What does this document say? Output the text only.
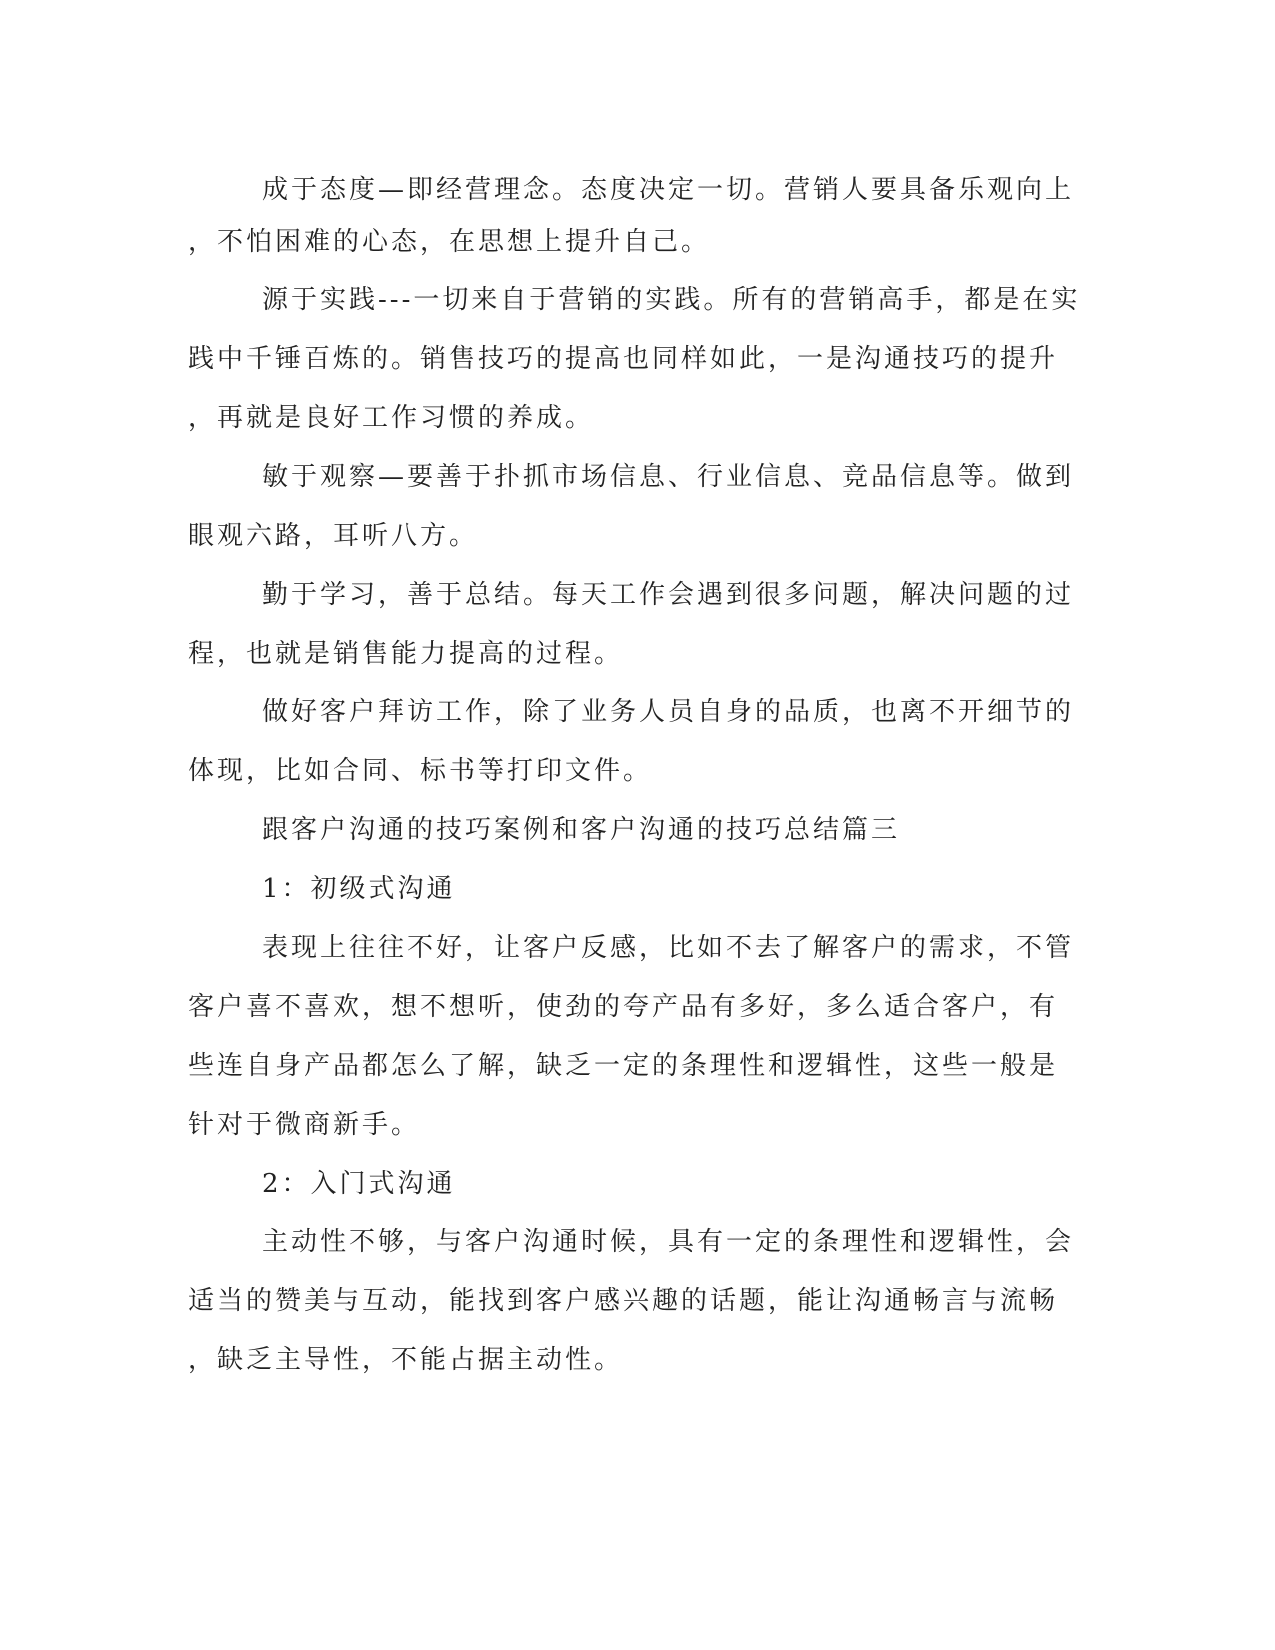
成于态度—即经营理念。态度决定一切。营销人要具备乐观向上

，不怕困难的心态，在思想上提升自己。

源于实践---一切来自于营销的实践。所有的营销高手，都是在实

践中千锤百炼的。销售技巧的提高也同样如此，一是沟通技巧的提升

，再就是良好工作习惯的养成。

敏于观察—要善于扑抓市场信息、行业信息、竞品信息等。做到

眼观六路，耳听八方。

勤于学习，善于总结。每天工作会遇到很多问题，解决问题的过

程，也就是销售能力提高的过程。

做好客户拜访工作，除了业务人员自身的品质，也离不开细节的

体现，比如合同、标书等打印文件。

跟客户沟通的技巧案例和客户沟通的技巧总结篇三

1：初级式沟通

表现上往往不好，让客户反感，比如不去了解客户的需求，不管

客户喜不喜欢，想不想听，使劲的夸产品有多好，多么适合客户，有

些连自身产品都怎么了解，缺乏一定的条理性和逻辑性，这些一般是

针对于微商新手。

2：入门式沟通

主动性不够，与客户沟通时候，具有一定的条理性和逻辑性，会

适当的赞美与互动，能找到客户感兴趣的话题，能让沟通畅言与流畅

，缺乏主导性，不能占据主动性。
